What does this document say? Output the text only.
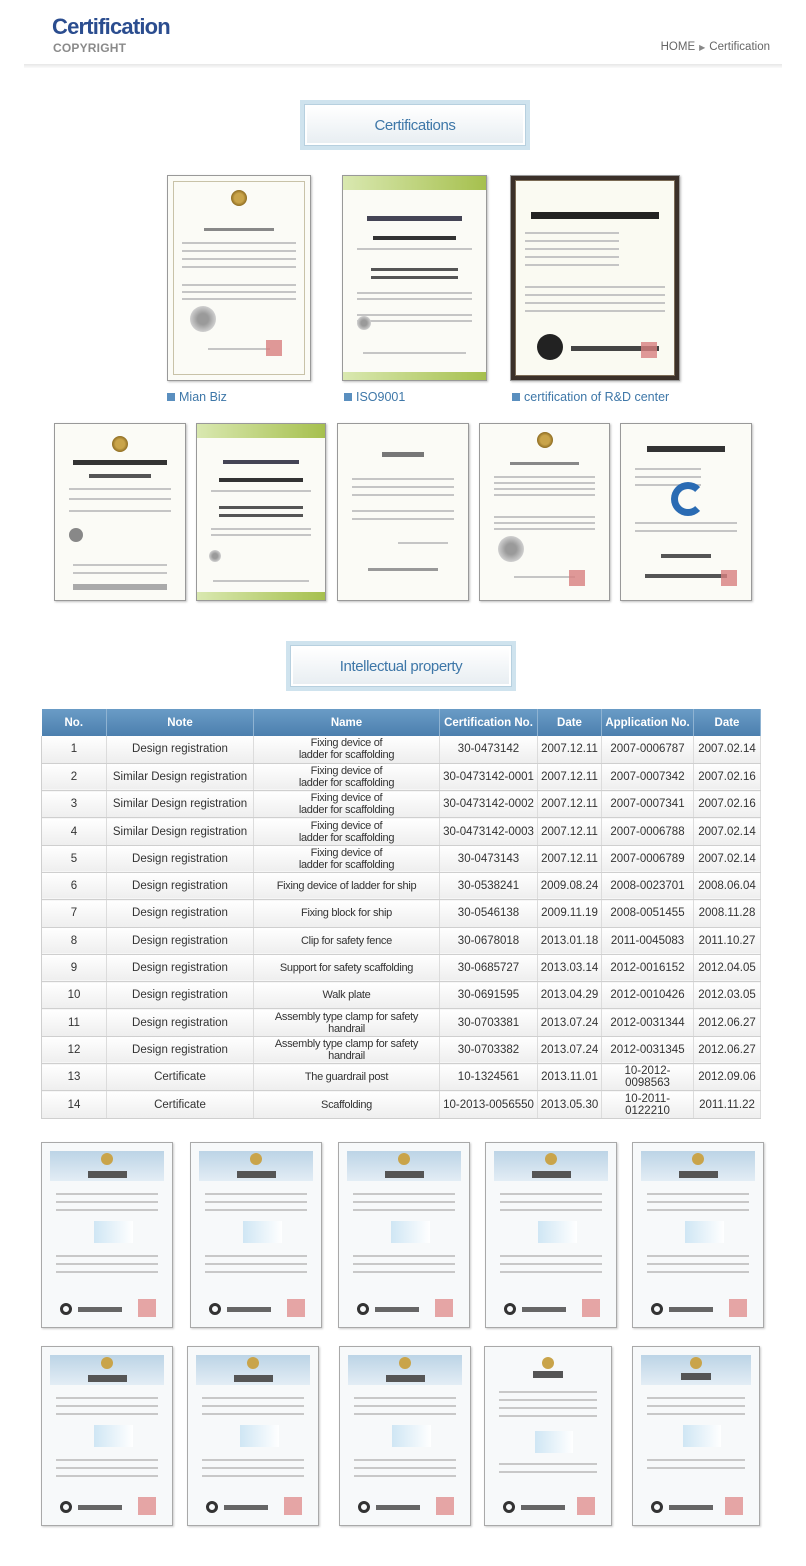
Certification
COPYRIGHT	HOME ▶ Certification
Certifications
Mian Biz	ISO9001	certification of R&D center
Intellectual property
No.	Note	Name	Certification No.	Date	Application No.	Date
1	Design registration	Fixing device of
ladder for scaffolding	30-0473142	2007.12.11	2007-0006787	2007.02.14
2	Similar Design registration	Fixing device of
ladder for scaffolding	30-0473142-0001	2007.12.11	2007-0007342	2007.02.16
3	Similar Design registration	Fixing device of
ladder for scaffolding	30-0473142-0002	2007.12.11	2007-0007341	2007.02.16
4	Similar Design registration	Fixing device of
ladder for scaffolding	30-0473142-0003	2007.12.11	2007-0006788	2007.02.14
5	Design registration	Fixing device of
ladder for scaffolding	30-0473143	2007.12.11	2007-0006789	2007.02.14
6	Design registration	Fixing device of ladder for ship	30-0538241	2009.08.24	2008-0023701	2008.06.04
7	Design registration	Fixing block for ship	30-0546138	2009.11.19	2008-0051455	2008.11.28
8	Design registration	Clip for safety fence	30-0678018	2013.01.18	2011-0045083	2011.10.27
9	Design registration	Support for safety scaffolding	30-0685727	2013.03.14	2012-0016152	2012.04.05
10	Design registration	Walk plate	30-0691595	2013.04.29	2012-0010426	2012.03.05
11	Design registration	Assembly type clamp for safety handrail	30-0703381	2013.07.24	2012-0031344	2012.06.27
12	Design registration	Assembly type clamp for safety handrail	30-0703382	2013.07.24	2012-0031345	2012.06.27
13	Certificate	The guardrail post	10-1324561	2013.11.01	10-2012-0098563	2012.09.06
14	Certificate	Scaffolding	10-2013-0056550	2013.05.30	10-2011-0122210	2011.11.22
